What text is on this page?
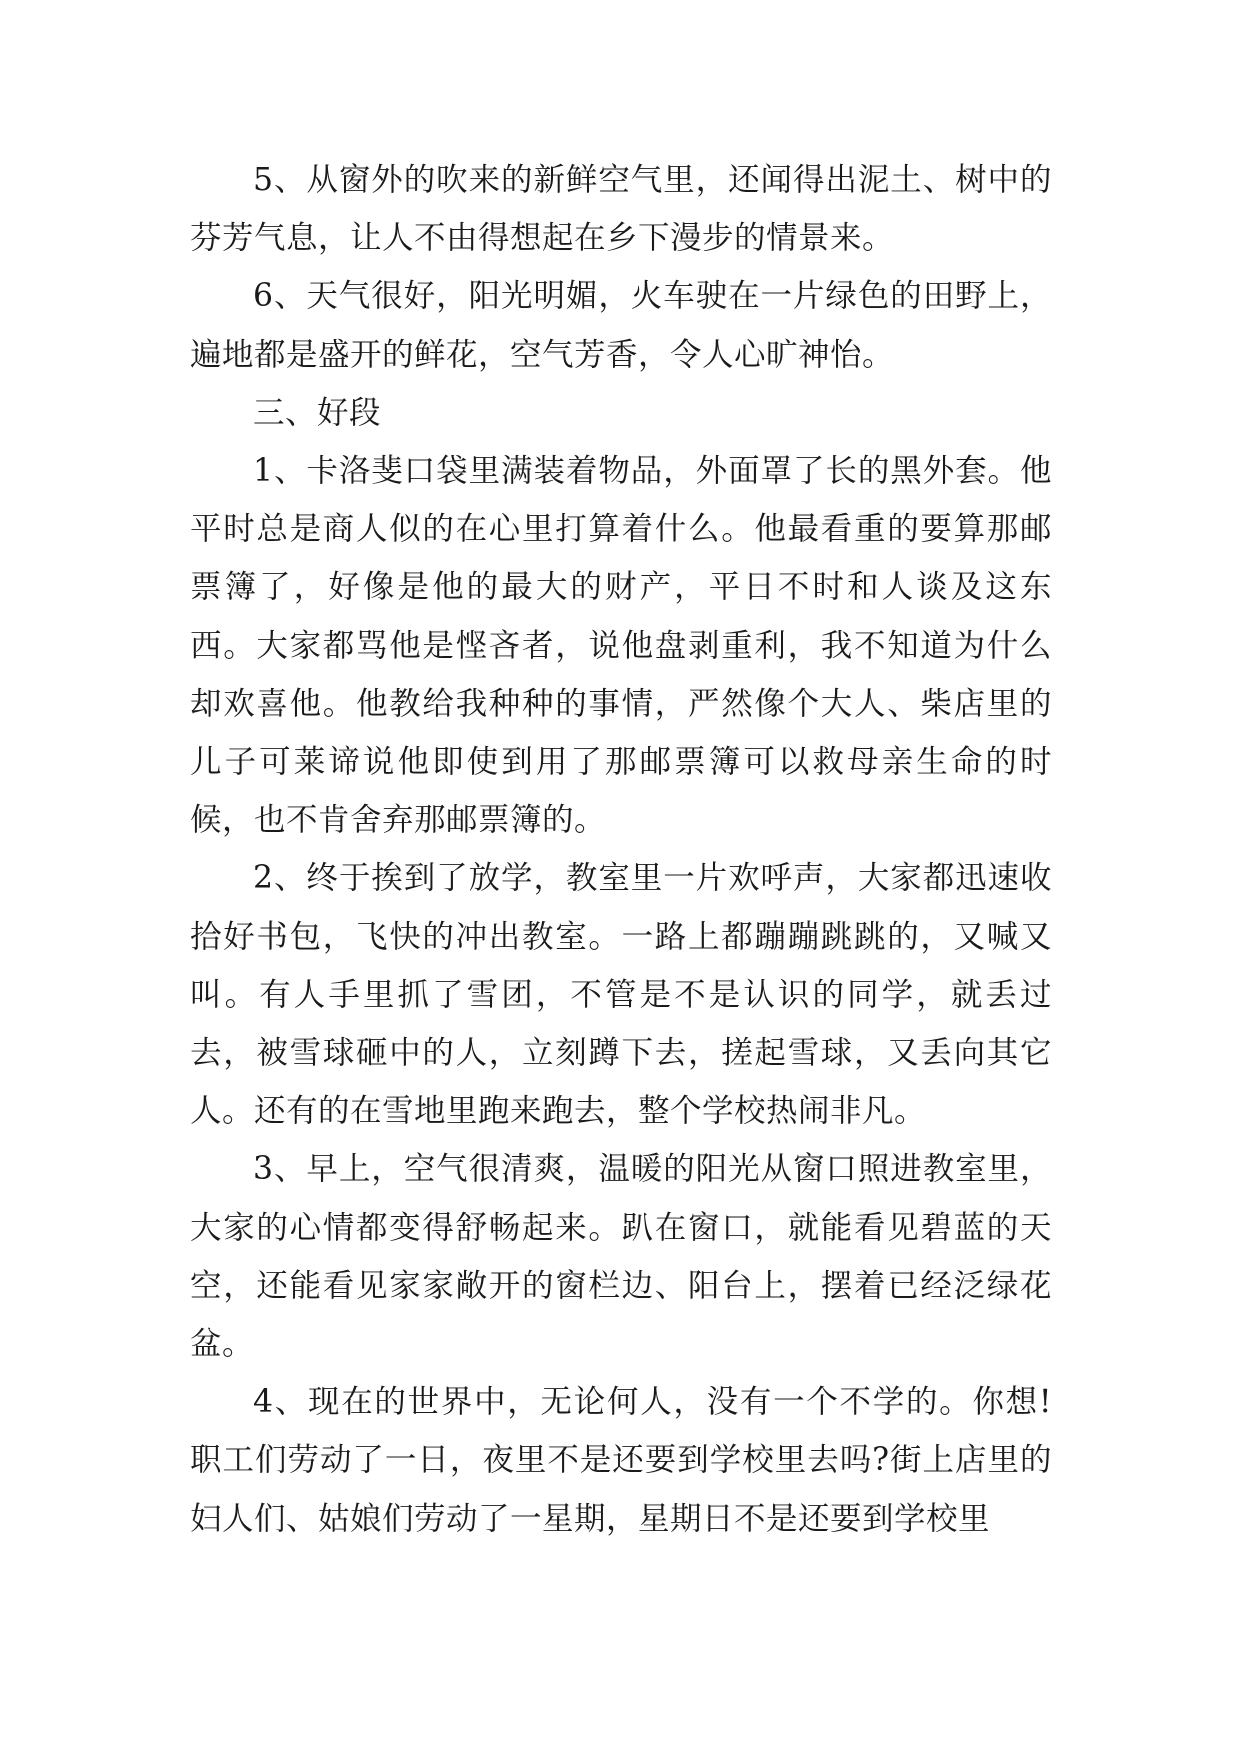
5、从窗外的吹来的新鲜空气里，还闻得出泥土、树中的芬芳气息，让人不由得想起在乡下漫步的情景来。

6、天气很好，阳光明媚，火车驶在一片绿色的田野上，遍地都是盛开的鲜花，空气芳香，令人心旷神怡。

三、好段

1、卡洛斐口袋里满装着物品，外面罩了长的黑外套。他平时总是商人似的在心里打算着什么。他最看重的要算那邮票簿了，好像是他的最大的财产，平日不时和人谈及这东西。大家都骂他是悭吝者，说他盘剥重利，我不知道为什么却欢喜他。他教给我种种的事情，严然像个大人、柴店里的儿子可莱谛说他即使到用了那邮票簿可以救母亲生命的时候，也不肯舍弃那邮票簿的。

2、终于挨到了放学，教室里一片欢呼声，大家都迅速收拾好书包，飞快的冲出教室。一路上都蹦蹦跳跳的，又喊又叫。有人手里抓了雪团，不管是不是认识的同学，就丢过去，被雪球砸中的人，立刻蹲下去，搓起雪球，又丢向其它人。还有的在雪地里跑来跑去，整个学校热闹非凡。

3、早上，空气很清爽，温暖的阳光从窗口照进教室里，大家的心情都变得舒畅起来。趴在窗口，就能看见碧蓝的天空，还能看见家家敞开的窗栏边、阳台上，摆着已经泛绿花盆。

4、现在的世界中，无论何人，没有一个不学的。你想!职工们劳动了一日，夜里不是还要到学校里去吗?街上店里的妇人们、姑娘们劳动了一星期，星期日不是还要到学校里
